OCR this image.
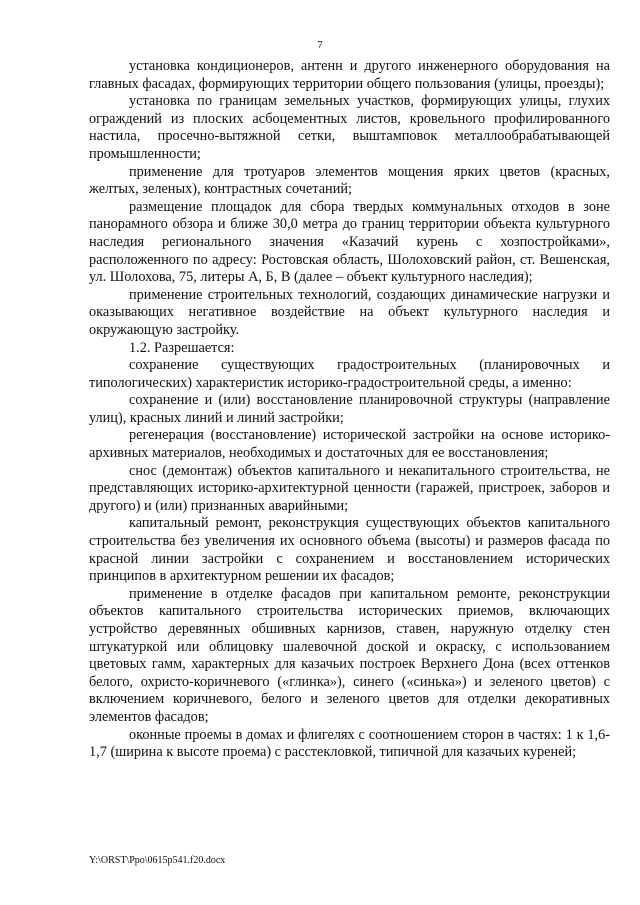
7

установка кондиционеров, антенн и другого инженерного оборудования на главных фасадах, формирующих территории общего пользования (улицы, проезды);

установка по границам земельных участков, формирующих улицы, глухих ограждений из плоских асбоцементных листов, кровельного профилированного настила, просечно-вытяжной сетки, выштамповок металлообрабатывающей промышленности;

применение для тротуаров элементов мощения ярких цветов (красных, желтых, зеленых), контрастных сочетаний;

размещение площадок для сбора твердых коммунальных отходов в зоне панорамного обзора и ближе 30,0 метра до границ территории объекта культурного наследия регионального значения «Казачий курень с хозпостройками», расположенного по адресу: Ростовская область, Шолоховский район, ст. Вешенская, ул. Шолохова, 75, литеры А, Б, В (далее – объект культурного наследия);

применение строительных технологий, создающих динамические нагрузки и оказывающих негативное воздействие на объект культурного наследия и окружающую застройку.

1.2. Разрешается:

сохранение существующих градостроительных (планировочных и типологических) характеристик историко-градостроительной среды, а именно:

сохранение и (или) восстановление планировочной структуры (направление улиц), красных линий и линий застройки;

регенерация (восстановление) исторической застройки на основе историко-архивных материалов, необходимых и достаточных для ее восстановления;

снос (демонтаж) объектов капитального и некапитального строительства, не представляющих историко-архитектурной ценности (гаражей, пристроек, заборов и другого) и (или) признанных аварийными;

капитальный ремонт, реконструкция существующих объектов капитального строительства без увеличения их основного объема (высоты) и размеров фасада по красной линии застройки с сохранением и восстановлением исторических принципов в архитектурном решении их фасадов;

применение в отделке фасадов при капитальном ремонте, реконструкции объектов капитального строительства исторических приемов, включающих устройство деревянных обшивных карнизов, ставен, наружную отделку стен штукатуркой или облицовку шалевочной доской и окраску, с использованием цветовых гамм, характерных для казачьих построек Верхнего Дона (всех оттенков белого, охристо-коричневого («глинка»), синего («синька») и зеленого цветов) с включением коричневого, белого и зеленого цветов для отделки декоративных элементов фасадов;

оконные проемы в домах и флигелях с соотношением сторон в частях: 1 к 1,6-1,7 (ширина к высоте проема) с расстекловкой, типичной для казачьих куреней;

Y:\ORST\Ppo\0615p541.f20.docx
